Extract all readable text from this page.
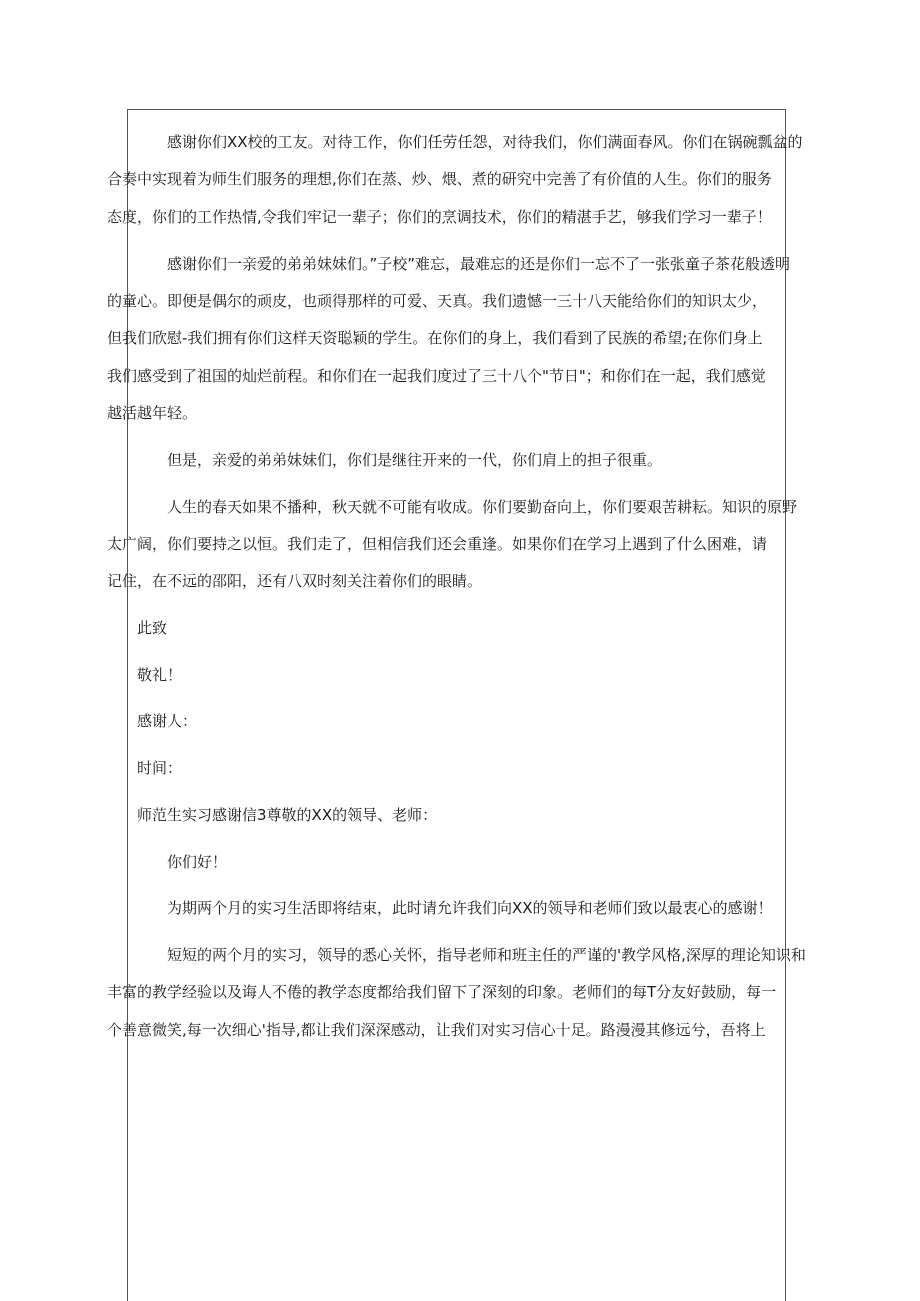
感谢你们XX校的工友。对待工作，你们任劳任怨，对待我们，你们满面春风。你们在锅碗瓢盆的
合奏中实现着为师生们服务的理想,你们在蒸、炒、煨、煮的研究中完善了有价值的人生。你们的服务
态度，你们的工作热情,令我们牢记一辈子；你们的烹调技术，你们的精湛手艺，够我们学习一辈子！
感谢你们一亲爱的弟弟妹妹们。”子校”难忘，最难忘的还是你们一忘不了一张张童子茶花般透明
的童心。即便是偶尔的顽皮，也顽得那样的可爱、天真。我们遗憾一三十八天能给你们的知识太少，
但我们欣慰-我们拥有你们这样天资聪颖的学生。在你们的身上，我们看到了民族的希望;在你们身上
我们感受到了祖国的灿烂前程。和你们在一起我们度过了三十八个"节日"；和你们在一起，我们感觉
越活越年轻。
但是，亲爱的弟弟妹妹们，你们是继往开来的一代，你们肩上的担子很重。
人生的春天如果不播种，秋天就不可能有收成。你们要勤奋向上，你们要艰苦耕耘。知识的原野
太广阔，你们要持之以恒。我们走了，但相信我们还会重逢。如果你们在学习上遇到了什么困难，请
记住，在不远的邵阳，还有八双时刻关注着你们的眼睛。
此致
敬礼！
感谢人：
时间：
师范生实习感谢信3尊敬的XX的领导、老师：
你们好！
为期两个月的实习生活即将结束，此时请允许我们向XX的领导和老师们致以最衷心的感谢！
短短的两个月的实习，领导的悉心关怀，指导老师和班主任的严谨的'教学风格,深厚的理论知识和
丰富的教学经验以及诲人不倦的教学态度都给我们留下了深刻的印象。老师们的每T分友好鼓励，每一
个善意微笑,每一次细心'指导,都让我们深深感动，让我们对实习信心十足。路漫漫其修远兮，吾将上
